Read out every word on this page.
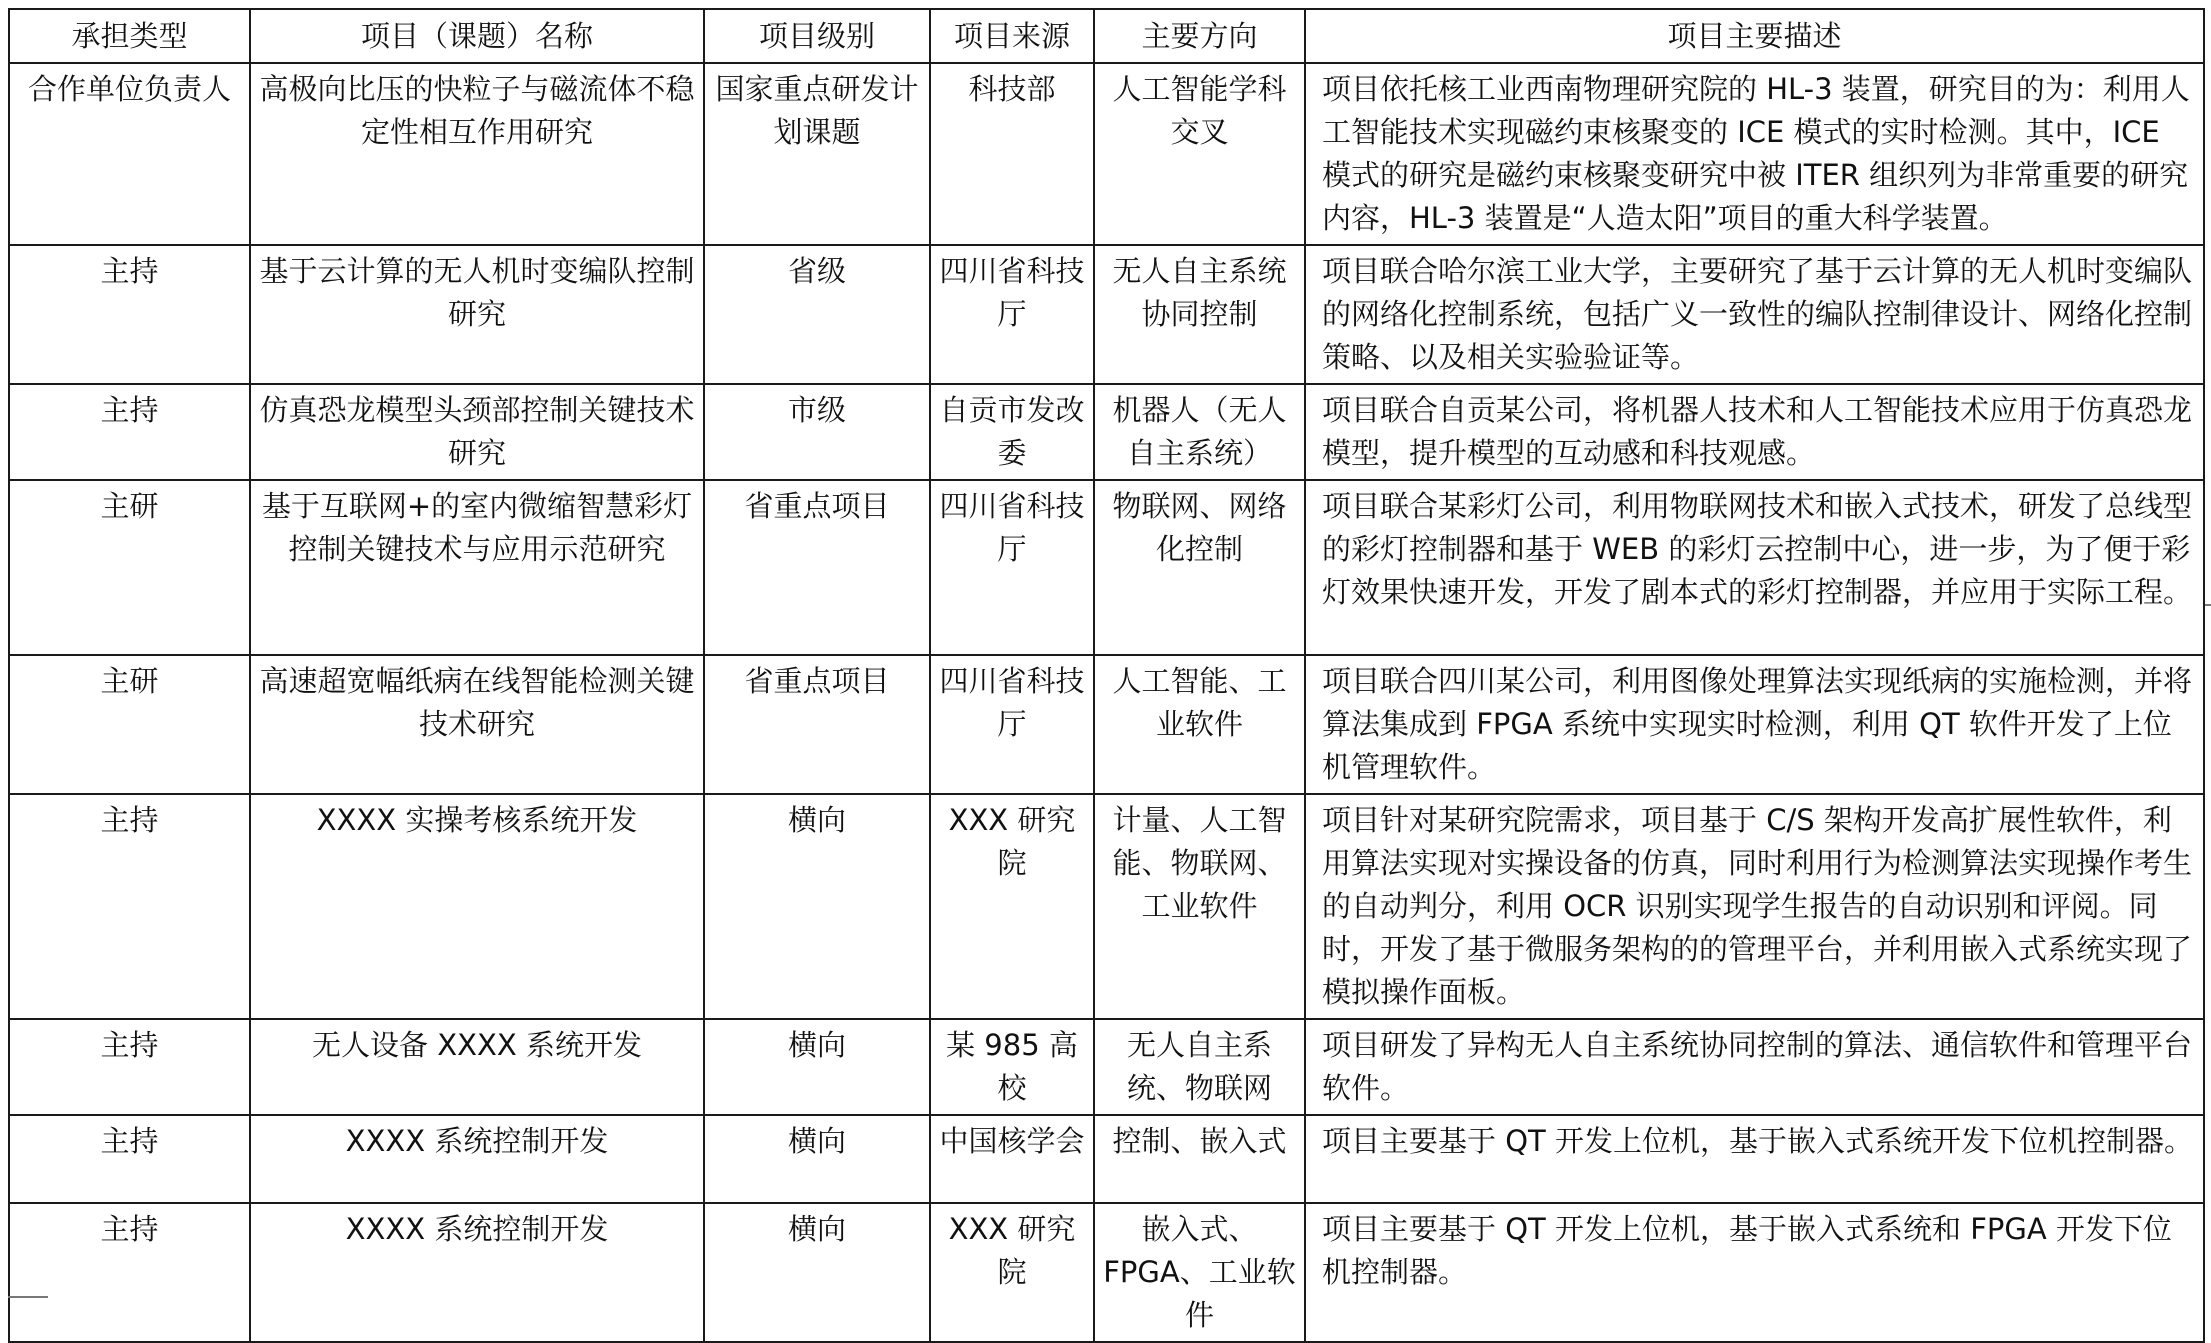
承担类型	项目（课题）名称	项目级别	项目来源	主要方向	项目主要描述
合作单位负责人	高极向比压的快粒子与磁流体不稳定性相互作用研究	国家重点研发计划课题	科技部	人工智能学科交叉	项目依托核工业西南物理研究院的 HL-3 装置，研究目的为：利用人工智能技术实现磁约束核聚变的 ICE 模式的实时检测。其中，ICE 模式的研究是磁约束核聚变研究中被 ITER 组织列为非常重要的研究内容，HL-3 装置是“人造太阳”项目的重大科学装置。
主持	基于云计算的无人机时变编队控制研究	省级	四川省科技厅	无人自主系统协同控制	项目联合哈尔滨工业大学，主要研究了基于云计算的无人机时变编队的网络化控制系统，包括广义一致性的编队控制律设计、网络化控制策略、以及相关实验验证等。
主持	仿真恐龙模型头颈部控制关键技术研究	市级	自贡市发改委	机器人（无人自主系统）	项目联合自贡某公司，将机器人技术和人工智能技术应用于仿真恐龙模型，提升模型的互动感和科技观感。
主研	基于互联网+的室内微缩智慧彩灯控制关键技术与应用示范研究	省重点项目	四川省科技厅	物联网、网络化控制	项目联合某彩灯公司，利用物联网技术和嵌入式技术，研发了总线型的彩灯控制器和基于 WEB 的彩灯云控制中心，进一步，为了便于彩灯效果快速开发，开发了剧本式的彩灯控制器，并应用于实际工程。
主研	高速超宽幅纸病在线智能检测关键技术研究	省重点项目	四川省科技厅	人工智能、工业软件	项目联合四川某公司，利用图像处理算法实现纸病的实施检测，并将算法集成到 FPGA 系统中实现实时检测，利用 QT 软件开发了上位机管理软件。
主持	XXXX 实操考核系统开发	横向	XXX 研究院	计量、人工智能、物联网、工业软件	项目针对某研究院需求，项目基于 C/S 架构开发高扩展性软件，利用算法实现对实操设备的仿真，同时利用行为检测算法实现操作考生的自动判分，利用 OCR 识别实现学生报告的自动识别和评阅。同时，开发了基于微服务架构的的管理平台，并利用嵌入式系统实现了模拟操作面板。
主持	无人设备 XXXX 系统开发	横向	某 985 高校	无人自主系统、物联网	项目研发了异构无人自主系统协同控制的算法、通信软件和管理平台软件。
主持	XXXX 系统控制开发	横向	中国核学会	控制、嵌入式	项目主要基于 QT 开发上位机，基于嵌入式系统开发下位机控制器。
主持	XXXX 系统控制开发	横向	XXX 研究院	嵌入式、FPGA、工业软件	项目主要基于 QT 开发上位机，基于嵌入式系统和 FPGA 开发下位机控制器。
